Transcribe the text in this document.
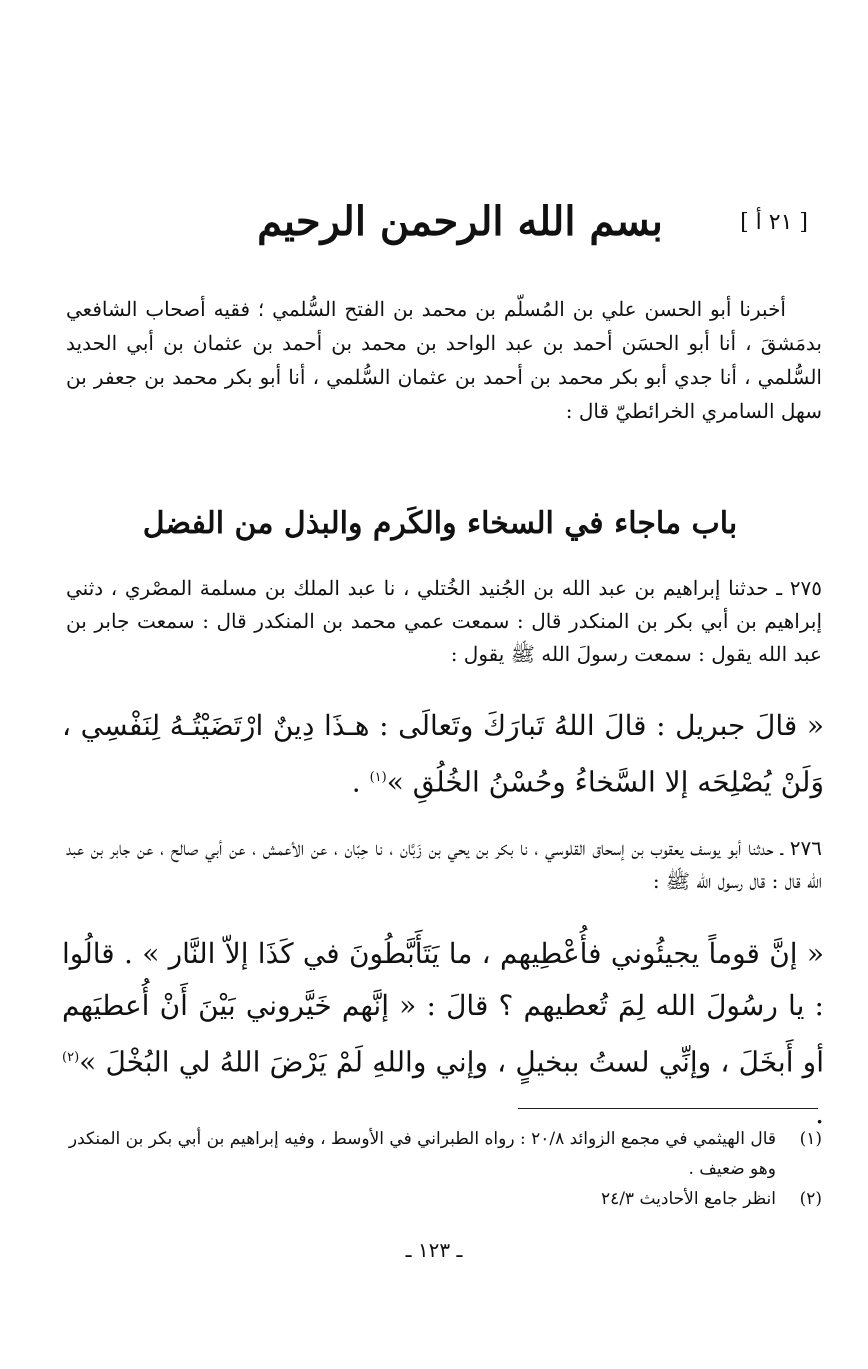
[ ٢١ أ ]
بسم الله الرحمن الرحيم

أخبرنا أبو الحسن علي بن المُسلّم بن محمد بن الفتح السُّلمي ؛ فقيه أصحاب الشافعي بدمَشقَ ، أنا أبو الحسَن أحمد بن عبد الواحد بن محمد بن أحمد بن عثمان بن أبي الحديد السُّلمي ، أنا جدي أبو بكر محمد بن أحمد بن عثمان السُّلمي ، أنا أبو بكر محمد بن جعفر بن سهل السامري الخرائطيّ قال :

باب ماجاء في السخاء والكَرم والبذل من الفضل

٢٧٥ ـ حدثنا إبراهيم بن عبد الله بن الجُنيد الخُتلي ، نا عبد الملك بن مسلمة المصْري ، دثني إبراهيم بن أبي بكر بن المنكدر قال : سمعت عمي محمد بن المنكدر قال : سمعت جابر بن عبد الله يقول : سمعت رسولَ الله ﷺ يقول :

« قالَ جبريل : قالَ اللهُ تَبارَكَ وتَعالَى : هـذَا دِينٌ ارْتَضَيْتُـهُ لِنَفْسِي ، وَلَنْ يُصْلِحَه إلا السَّخاءُ وحُسْنُ الخُلُقِ »$^{(١)}$ .

٢٧٦ ـ حدثنا أبو يوسف يعقوب بن إسحاق القلوسي ، نا بكر بن يحي بن زَبَّان ، نا حِبّان ، عن الأعمش ، عن أبي صالح ، عن جابر بن عبد الله قال : قال رسول الله ﷺ :

« إنَّ قوماً يجيئُوني فأُعْطِيهم ، ما يَتَأَبَّطُونَ في كَذَا إلاّ النَّار » . قالُوا : يا رسُولَ الله لِمَ تُعطيهم ؟ قالَ : « إنَّهم خَيَّروني بَيْنَ أَنْ أُعطيَهم أو أَبخَلَ ، وإنِّي لستُ ببخيلٍ ، وإني واللهِ لَمْ يَرْضَ اللهُ لي البُخْلَ »$^{(٢)}$ .

(١)
قال الهيثمي في مجمع الزوائد ٢٠/٨ : رواه الطبراني في الأوسط ، وفيه إبراهيم بن أبي بكر بن المنكدر وهو ضعيف .
(٢)
انظر جامع الأحاديث ٢٤/٣
ـ ١٢٣ ـ
